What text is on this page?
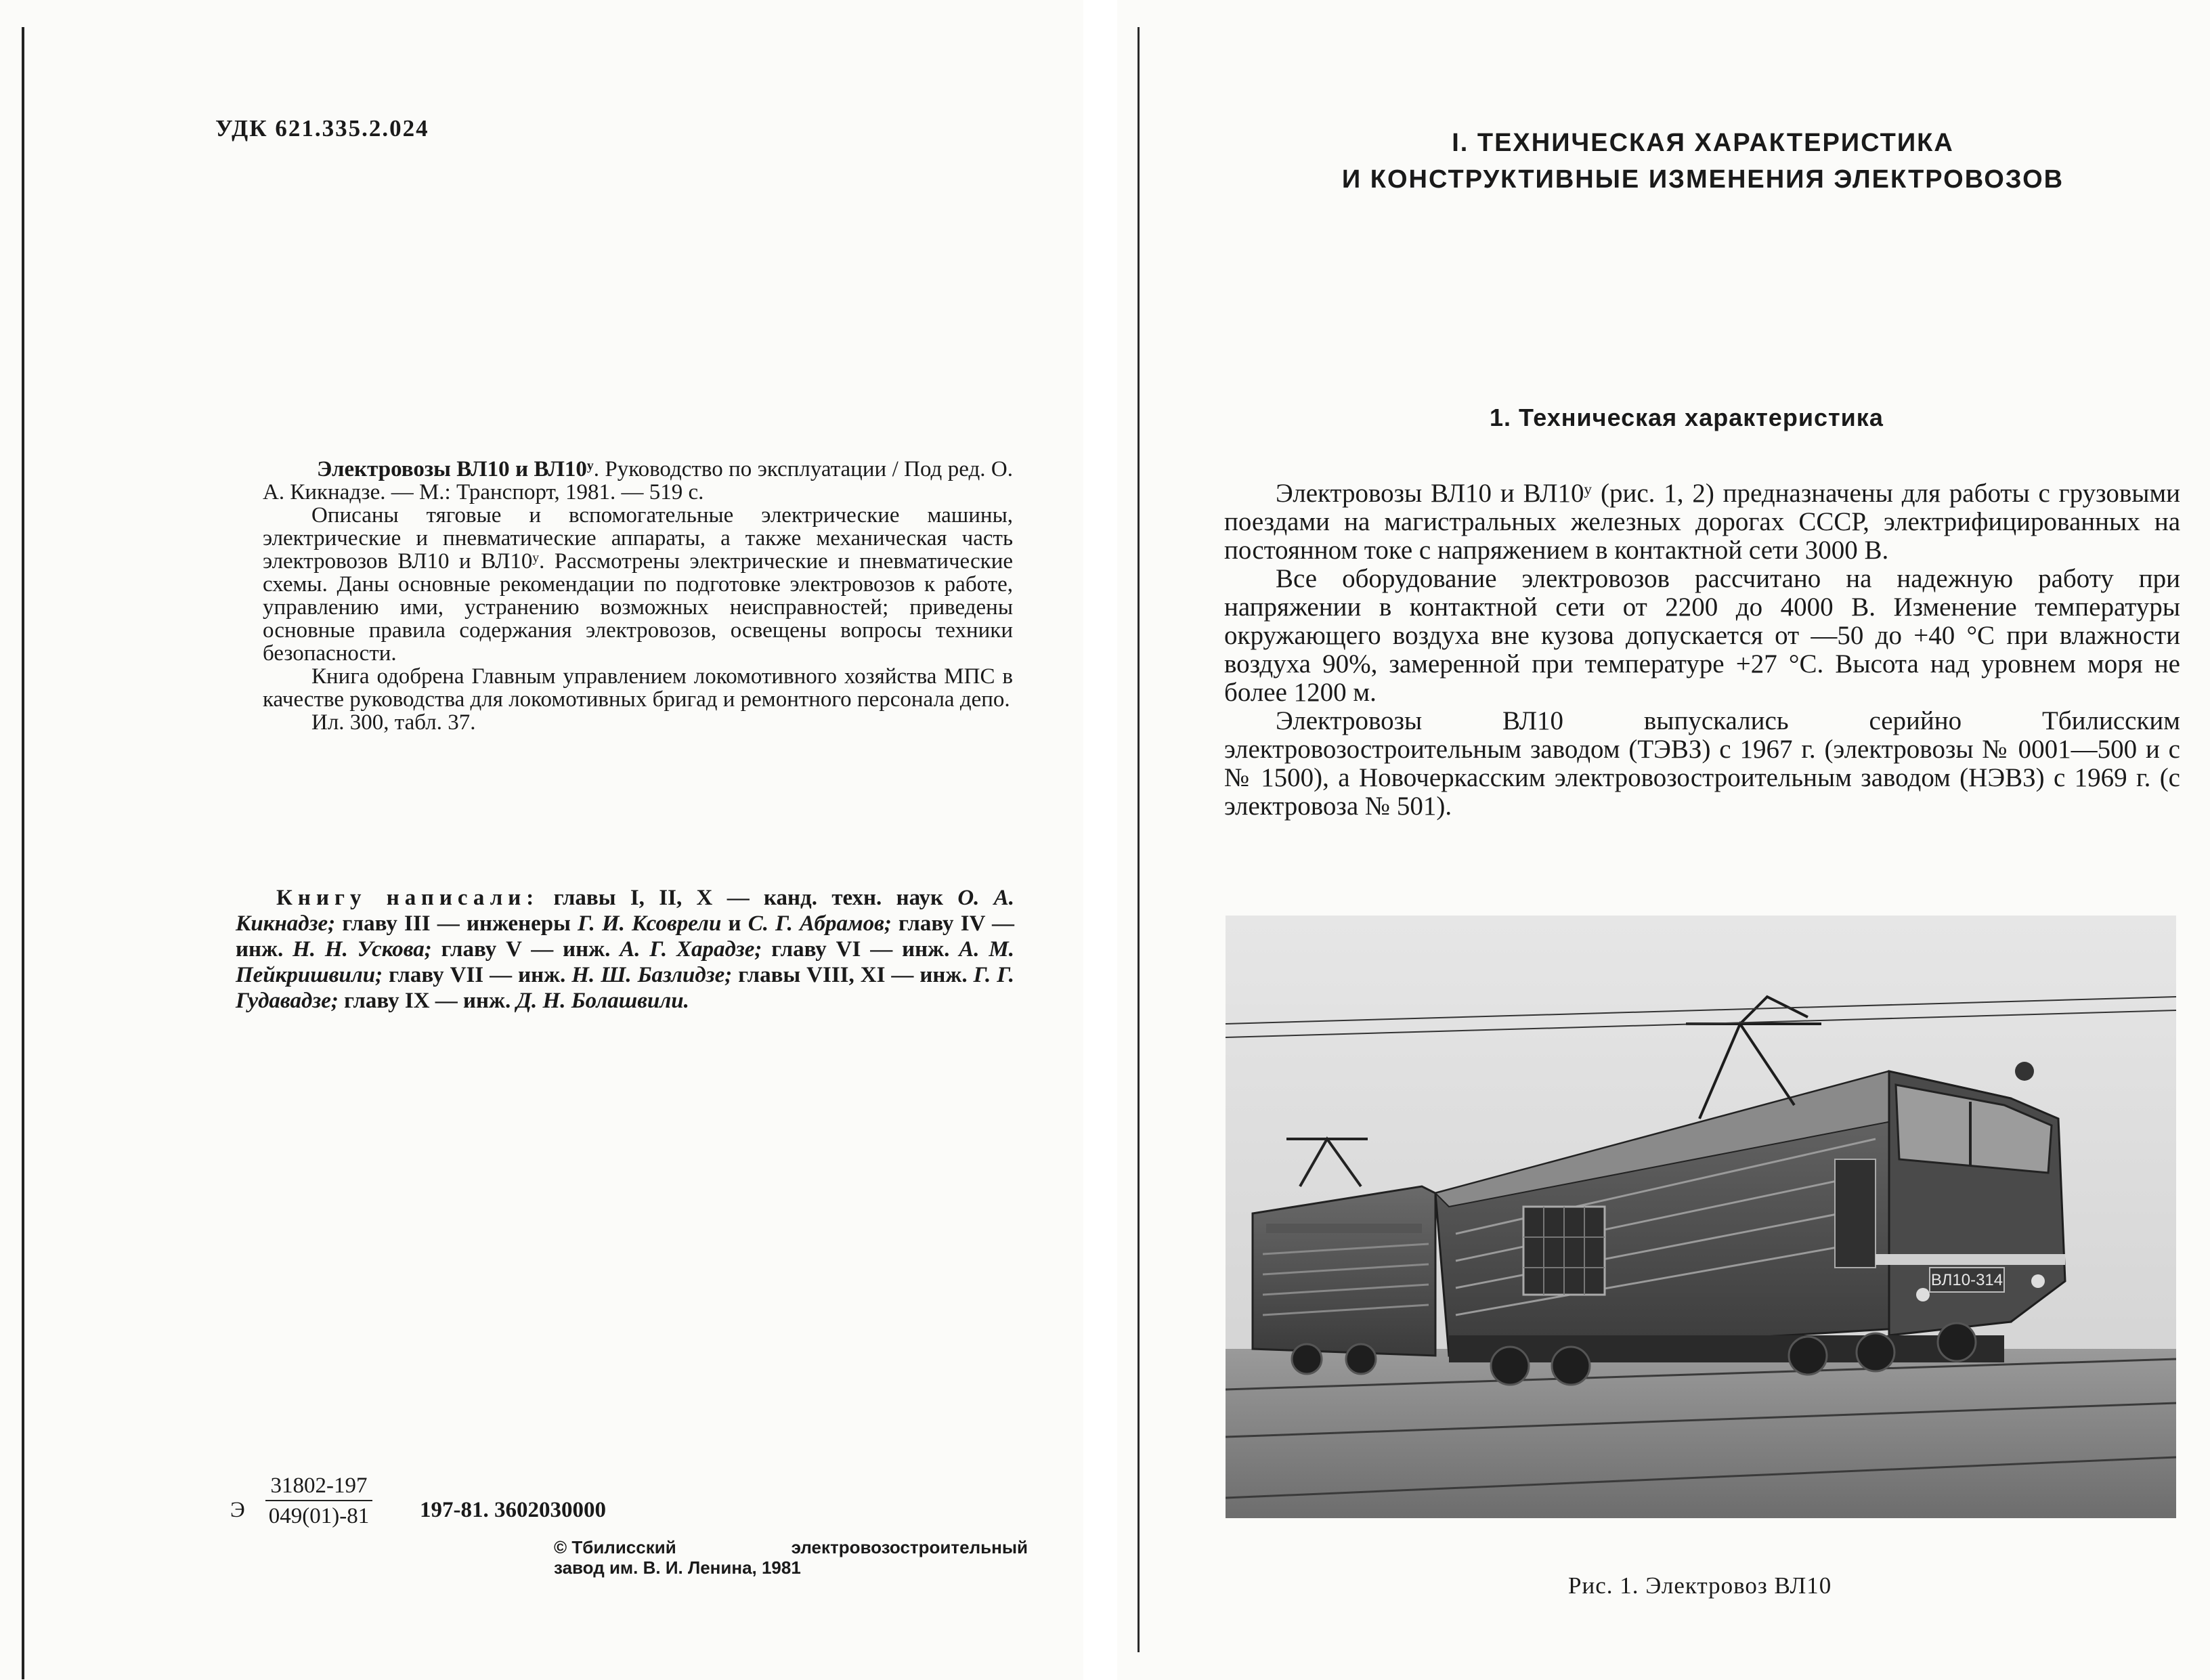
УДК 621.335.2.024

Электровозы ВЛ10 и ВЛ10ʸ. Руководство по эксплуатации / Под ред. О. А. Кикнадзе. — М.: Транспорт, 1981. — 519 с.

Описаны тяговые и вспомогательные электрические машины, электрические и пневматические аппараты, а также механическая часть электровозов ВЛ10 и ВЛ10ʸ. Рассмотрены электрические и пневматические схемы. Даны основные рекомендации по подготовке электровозов к работе, управлению ими, устранению возможных неисправностей; приведены основные правила содержания электровозов, освещены вопросы техники безопасности.

Книга одобрена Главным управлением локомотивного хозяйства МПС в качестве руководства для локомотивных бригад и ремонтного персонала депо.

Ил. 300, табл. 37.

Книгу написали: главы I, II, X — канд. техн. наук О. А. Кикнадзе; главу III — инженеры Г. И. Ксоврели и С. Г. Абрамов; главу IV — инж. Н. Н. Ускова; главу V — инж. А. Г. Харадзе; главу VI — инж. А. М. Пейкришвили; главу VII — инж. Н. Ш. Базлидзе; главы VIII, XI — инж. Г. Г. Гудавадзе; главу IX — инж. Д. Н. Болашвили.
Э $\frac{31802-197}{049(01)-81} 197-81$. 3602030000
© Тбилисский	электровозостроительный
завод им. В. И. Ленина, 1981
I. ТЕХНИЧЕСКАЯ ХАРАКТЕРИСТИКА
И КОНСТРУКТИВНЫЕ ИЗМЕНЕНИЯ ЭЛЕКТРОВОЗОВ
1. Техническая характеристика

Электровозы ВЛ10 и ВЛ10ʸ (рис. 1, 2) предназначены для работы с грузовыми поездами на магистральных железных дорогах СССР, электрифицированных на постоянном токе с напряжением в контактной сети 3000 В.

Все оборудование электровозов рассчитано на надежную работу при напряжении в контактной сети от 2200 до 4000 В. Изменение температуры окружающего воздуха вне кузова допускается от —50 до +40 °С при влажности воздуха 90%, замеренной при температуре +27 °С. Высота над уровнем моря не более 1200 м.

Электровозы ВЛ10 выпускались серийно Тбилисским электровозостроительным заводом (ТЭВЗ) с 1967 г. (электровозы № 0001—500 и с № 1500), а Новочеркасским электровозостроительным заводом (НЭВЗ) с 1969 г. (с электровоза № 501).

ВЛ10-314
Рис. 1. Электровоз ВЛ10
